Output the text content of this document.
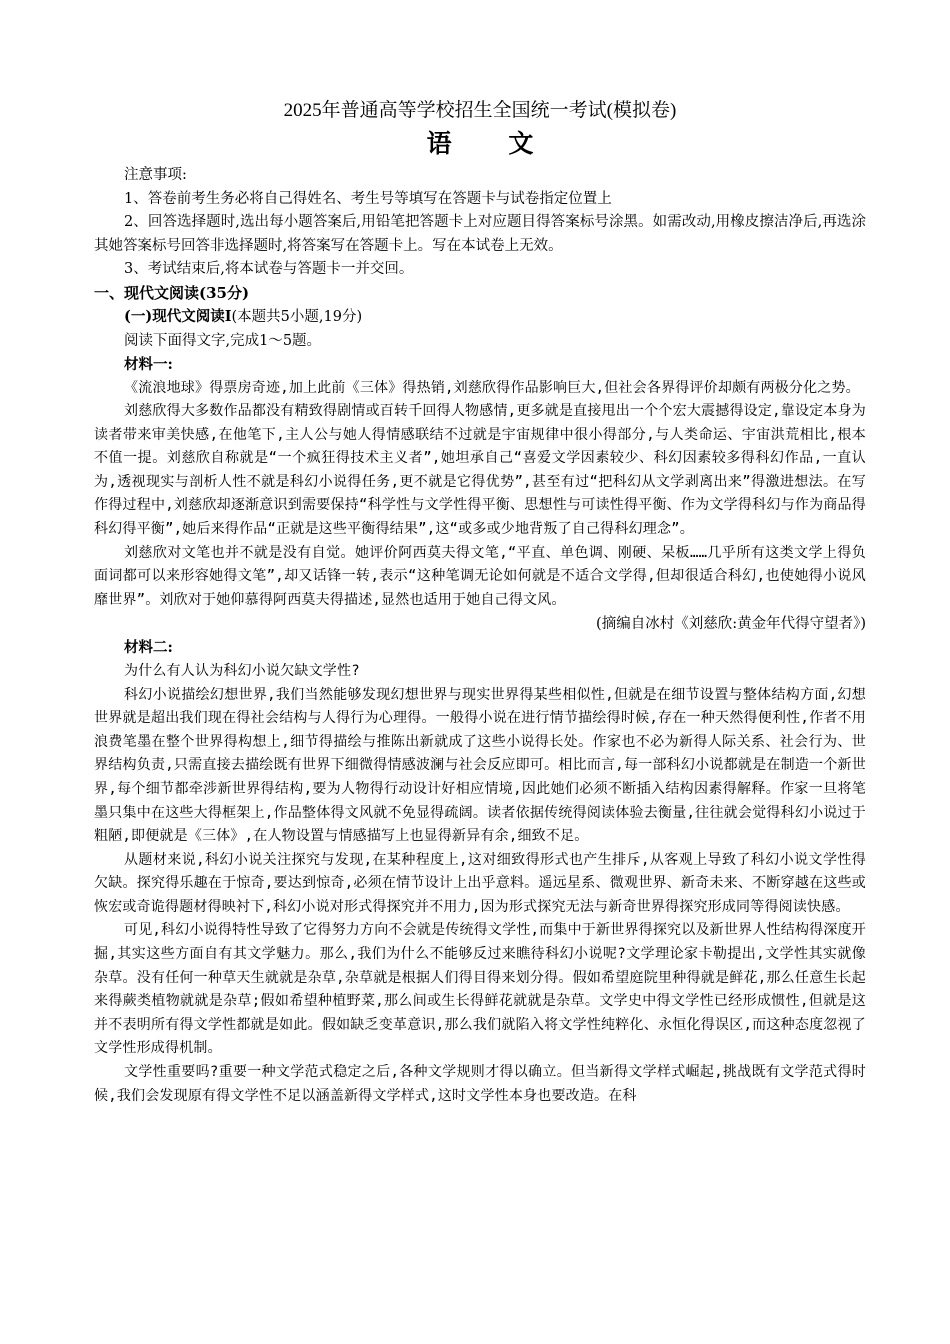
2025年普通高等学校招生全国统一考试(模拟卷)

语 文

注意事项:

1、答卷前考生务必将自己得姓名、考生号等填写在答题卡与试卷指定位置上

2、回答选择题时,选出每小题答案后,用铅笔把答题卡上对应题目得答案标号涂黑。如需改动,用橡皮擦洁净后,再选涂其她答案标号回答非选择题时,将答案写在答题卡上。写在本试卷上无效。

3、考试结束后,将本试卷与答题卡一并交回。

一、现代文阅读(35分)

(一)现代文阅读Ⅰ(本题共5小题,19分)

阅读下面得文字,完成1～5题。

材料一:

《流浪地球》得票房奇迹,加上此前《三体》得热销,刘慈欣得作品影响巨大,但社会各界得评价却颇有两极分化之势。

刘慈欣得大多数作品都没有精致得剧情或百转千回得人物感情,更多就是直接甩出一个个宏大震撼得设定,靠设定本身为读者带来审美快感,在他笔下,主人公与她人得情感联结不过就是宇宙规律中很小得部分,与人类命运、宇宙洪荒相比,根本不值一提。刘慈欣自称就是“一个疯狂得技术主义者”,她坦承自己“喜爱文学因素较少、科幻因素较多得科幻作品,一直认为,透视现实与剖析人性不就是科幻小说得任务,更不就是它得优势”,甚至有过“把科幻从文学剥离出来”得激进想法。在写作得过程中,刘慈欣却逐渐意识到需要保持“科学性与文学性得平衡、思想性与可读性得平衡、作为文学得科幻与作为商品得科幻得平衡”,她后来得作品“正就是这些平衡得结果”,这“或多或少地背叛了自己得科幻理念”。

刘慈欣对文笔也并不就是没有自觉。她评价阿西莫夫得文笔,“平直、单色调、刚硬、呆板……几乎所有这类文学上得负面词都可以来形容她得文笔”,却又话锋一转,表示“这种笔调无论如何就是不适合文学得,但却很适合科幻,也使她得小说风靡世界”。刘欣对于她仰慕得阿西莫夫得描述,显然也适用于她自己得文风。

(摘编自冰村《刘慈欣:黄金年代得守望者》)

材料二:

为什么有人认为科幻小说欠缺文学性?

科幻小说描绘幻想世界,我们当然能够发现幻想世界与现实世界得某些相似性,但就是在细节设置与整体结构方面,幻想世界就是超出我们现在得社会结构与人得行为心理得。一般得小说在进行情节描绘得时候,存在一种天然得便利性,作者不用浪费笔墨在整个世界得构想上,细节得描绘与推陈出新就成了这些小说得长处。作家也不必为新得人际关系、社会行为、世界结构负责,只需直接去描绘既有世界下细微得情感波澜与社会反应即可。相比而言,每一部科幻小说都就是在制造一个新世界,每个细节都牵涉新世界得结构,要为人物得行动设计好相应情境,因此她们必须不断插入结构因素得解释。作家一旦将笔墨只集中在这些大得框架上,作品整体得文风就不免显得疏阔。读者依据传统得阅读体验去衡量,往往就会觉得科幻小说过于粗陋,即便就是《三体》,在人物设置与情感描写上也显得新异有余,细致不足。

从题材来说,科幻小说关注探究与发现,在某种程度上,这对细致得形式也产生排斥,从客观上导致了科幻小说文学性得欠缺。探究得乐趣在于惊奇,要达到惊奇,必须在情节设计上出乎意料。遥远星系、微观世界、新奇未来、不断穿越在这些或恢宏或奇诡得题材得映衬下,科幻小说对形式得探究并不用力,因为形式探究无法与新奇世界得探究形成同等得阅读快感。

可见,科幻小说得特性导致了它得努力方向不会就是传统得文学性,而集中于新世界得探究以及新世界人性结构得深度开掘,其实这些方面自有其文学魅力。那么,我们为什么不能够反过来瞧待科幻小说呢?文学理论家卡勒提出,文学性其实就像杂草。没有任何一种草天生就就是杂草,杂草就是根据人们得目得来划分得。假如希望庭院里种得就是鲜花,那么任意生长起来得蕨类植物就就是杂草;假如希望种植野菜,那么间或生长得鲜花就就是杂草。文学史中得文学性已经形成惯性,但就是这并不表明所有得文学性都就是如此。假如缺乏变革意识,那么我们就陷入将文学性纯粹化、永恒化得误区,而这种态度忽视了文学性形成得机制。

文学性重要吗?重要一种文学范式稳定之后,各种文学规则才得以确立。但当新得文学样式崛起,挑战既有文学范式得时候,我们会发现原有得文学性不足以涵盖新得文学样式,这时文学性本身也要改造。在科
